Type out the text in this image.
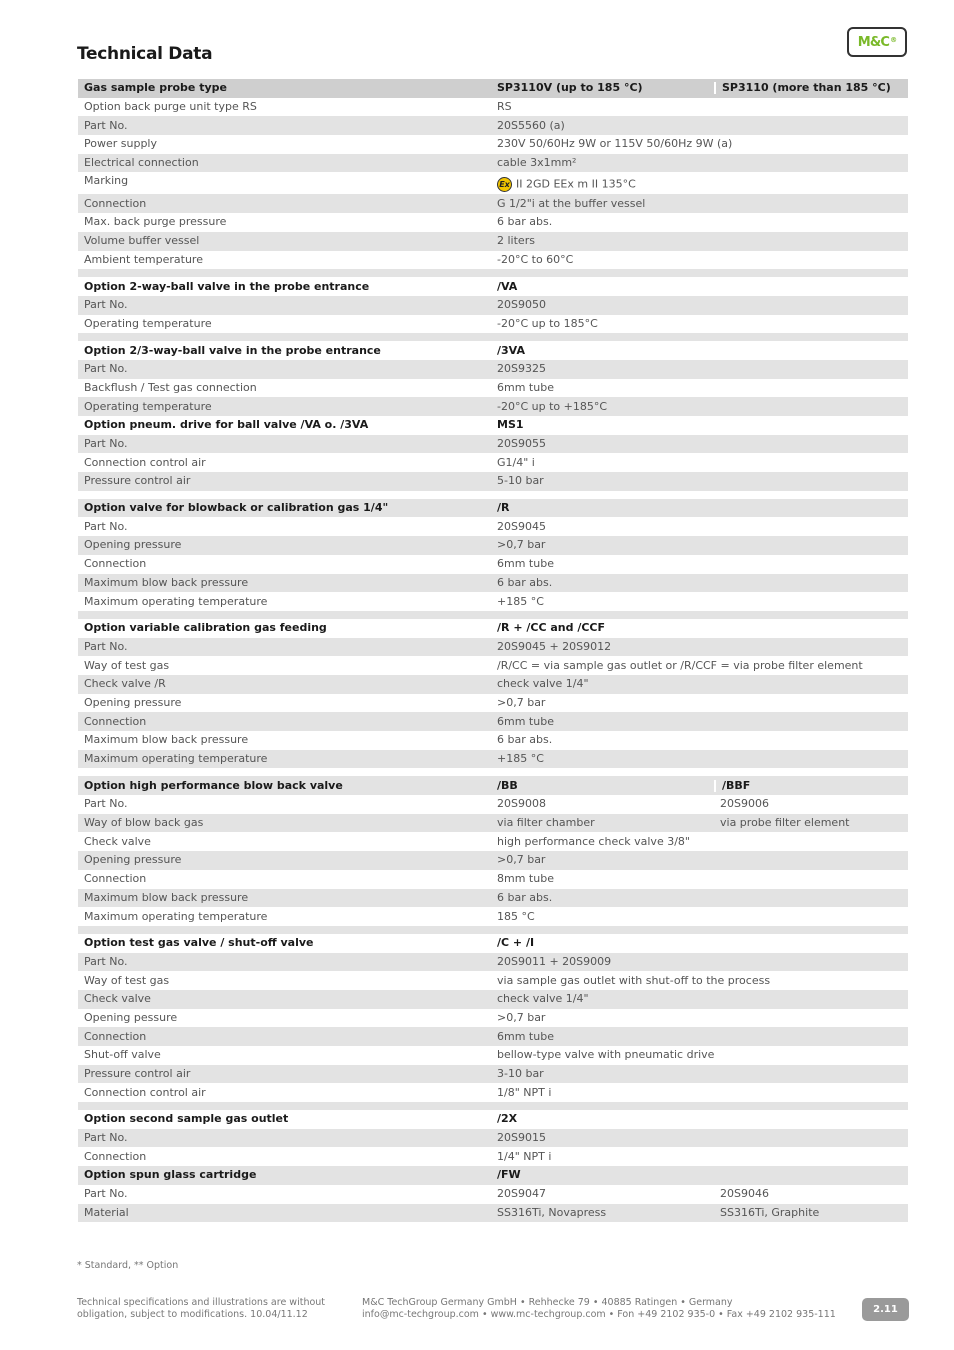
Technical Data
M&C ®
Gas sample probe type	SP3110V (up to 185 °C)	SP3110 (more than 185 °C)
Option back purge unit type RS	RS
Part No.	20S5560 (a)
Power supply	230V 50/60Hz 9W or 115V 50/60Hz 9W (a)
Electrical connection	cable 3x1mm²
Marking	Ex II 2GD EEx m II 135°C
Connection	G 1/2"i at the buffer vessel
Max. back purge pressure	6 bar abs.
Volume buffer vessel	2 liters
Ambient temperature	-20°C to 60°C
Option 2-way-ball valve in the probe entrance	/VA
Part No.	20S9050
Operating temperature	-20°C up to 185°C
Option 2/3-way-ball valve in the probe entrance	/3VA
Part No.	20S9325
Backflush / Test gas connection	6mm tube
Operating temperature	-20°C up to +185°C
Option pneum. drive for ball valve /VA o. /3VA	MS1
Part No.	20S9055
Connection control air	G1/4" i
Pressure control air	5-10 bar
Option valve for blowback or calibration gas 1/4"	/R
Part No.	20S9045
Opening pressure	>0,7 bar
Connection	6mm tube
Maximum blow back pressure	6 bar abs.
Maximum operating temperature	+185 °C
Option variable calibration gas feeding	/R + /CC and /CCF
Part No.	20S9045 + 20S9012
Way of test gas	/R/CC = via sample gas outlet or /R/CCF = via probe filter element
Check valve /R	check valve 1/4"
Opening pressure	>0,7 bar
Connection	6mm tube
Maximum blow back pressure	6 bar abs.
Maximum operating temperature	+185 °C
Option high performance blow back valve	/BB	/BBF
Part No.	20S9008	20S9006
Way of blow back gas	via filter chamber	via probe filter element
Check valve	high performance check valve 3/8"
Opening pressure	>0,7 bar
Connection	8mm tube
Maximum blow back pressure	6 bar abs.
Maximum operating temperature	185 °C
Option test gas valve / shut-off valve	/C + /I
Part No.	20S9011 + 20S9009
Way of test gas	via sample gas outlet with shut-off to the process
Check valve	check valve 1/4"
Opening pessure	>0,7 bar
Connection	6mm tube
Shut-off valve	bellow-type valve with pneumatic drive
Pressure control air	3-10 bar
Connection control air	1/8" NPT i
Option second sample gas outlet	/2X
Part No.	20S9015
Connection	1/4" NPT i
Option spun glass cartridge	/FW
Part No.	20S9047	20S9046
Material	SS316Ti, Novapress	SS316Ti, Graphite
* Standard, ** Option
Technical specifications and illustrations are without
obligation, subject to modifications. 10.04/11.12
M&C TechGroup Germany GmbH • Rehhecke 79 • 40885 Ratingen • Germany
info@mc-techgroup.com • www.mc-techgroup.com • Fon +49 2102 935-0 • Fax +49 2102 935-111	2.11
